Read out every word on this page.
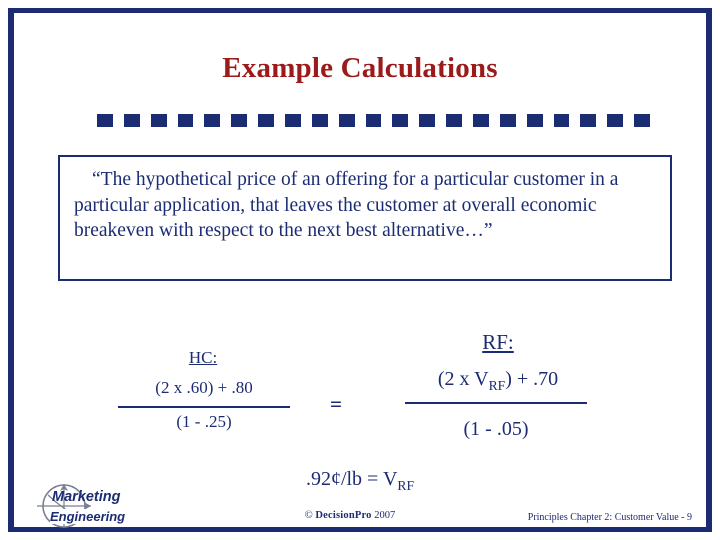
Example Calculations
“The hypothetical price of an offering for a particular customer in a particular application, that leaves the customer at overall economic breakeven with respect to the next best alternative…”
HC:
(2 x .60) + .80
(1 - .25)
=
RF:
(2 x $V_{RF}) + .70$
(1 - .05)
.92¢/lb = $V_{RF}$
Marketing
Engineering	© DecisionPro 2007	Principles Chapter 2: Customer Value - 9
